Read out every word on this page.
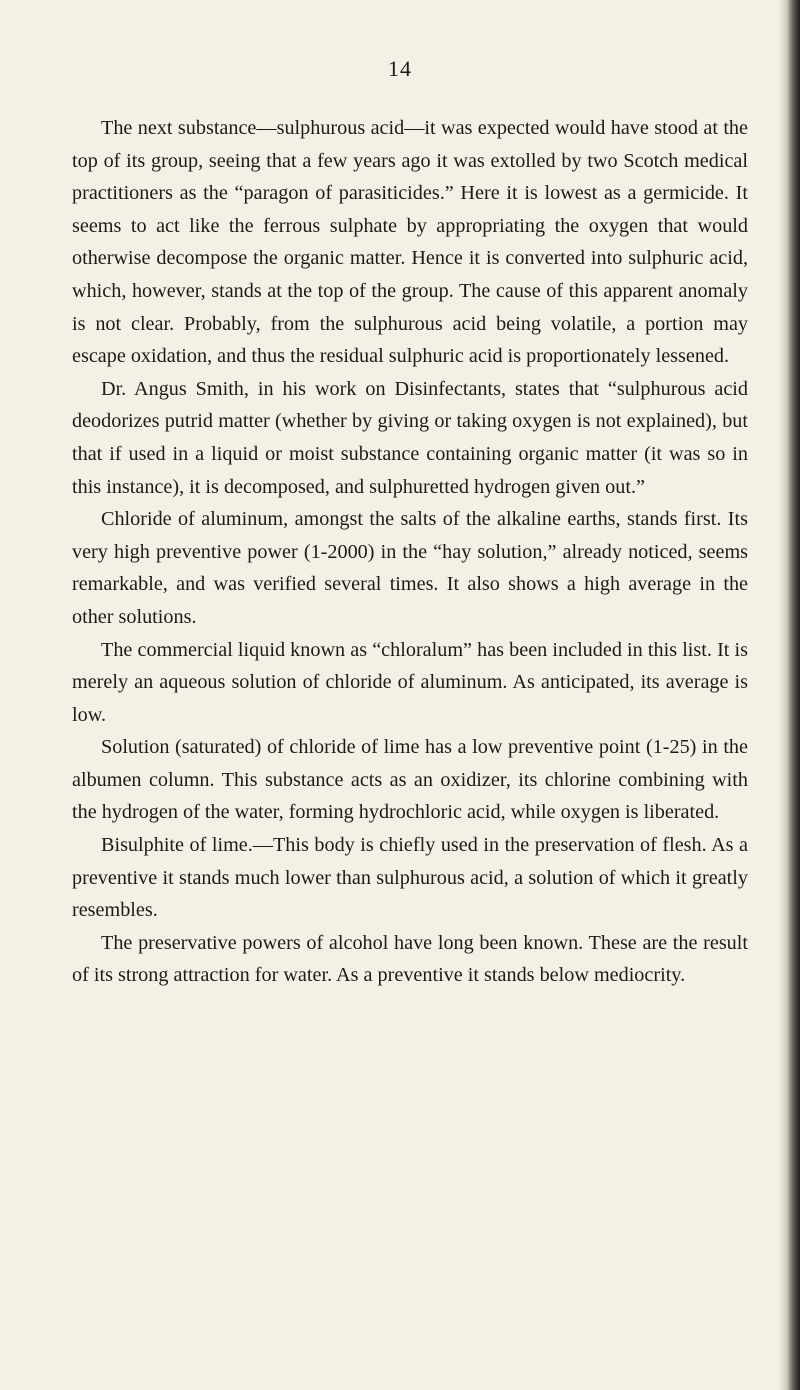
14

The next substance—sulphurous acid—it was expected would have stood at the top of its group, seeing that a few years ago it was extolled by two Scotch medical practitioners as the “paragon of parasiticides.” Here it is lowest as a germicide. It seems to act like the ferrous sulphate by appropriating the oxygen that would otherwise decompose the organic matter. Hence it is converted into sulphuric acid, which, however, stands at the top of the group. The cause of this apparent anomaly is not clear. Probably, from the sulphurous acid being volatile, a portion may escape oxidation, and thus the residual sulphuric acid is proportionately lessened.

Dr. Angus Smith, in his work on Disinfectants, states that “sulphurous acid deodorizes putrid matter (whether by giving or taking oxygen is not explained), but that if used in a liquid or moist substance containing organic matter (it was so in this instance), it is decomposed, and sulphuretted hydrogen given out.”

Chloride of aluminum, amongst the salts of the alkaline earths, stands first. Its very high preventive power (1-2000) in the “hay solution,” already noticed, seems remarkable, and was verified several times. It also shows a high average in the other solutions.

The commercial liquid known as “chloralum” has been included in this list. It is merely an aqueous solution of chloride of aluminum. As anticipated, its average is low.

Solution (saturated) of chloride of lime has a low preventive point (1-25) in the albumen column. This substance acts as an oxidizer, its chlorine combining with the hydrogen of the water, forming hydrochloric acid, while oxygen is liberated.

Bisulphite of lime.—This body is chiefly used in the preservation of flesh. As a preventive it stands much lower than sulphurous acid, a solution of which it greatly resembles.

The preservative powers of alcohol have long been known. These are the result of its strong attraction for water. As a preventive it stands below mediocrity.
